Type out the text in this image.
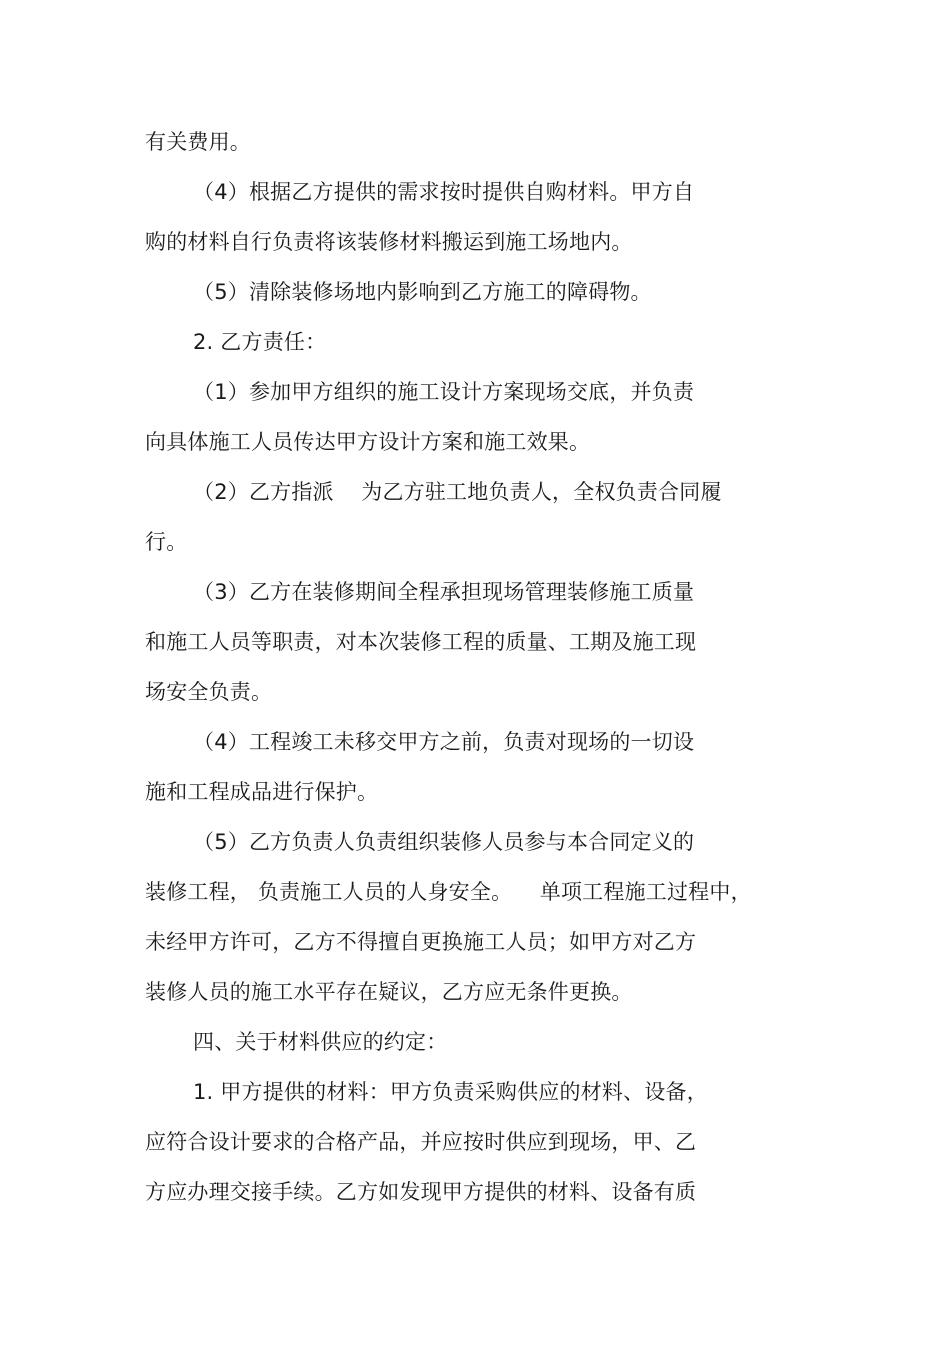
有关费用。
（4）根据乙方提供的需求按时提供自购材料。甲方自
购的材料自行负责将该装修材料搬运到施工场地内。
（5）清除装修场地内影响到乙方施工的障碍物。
2. 乙方责任：
（1）参加甲方组织的施工设计方案现场交底，并负责
向具体施工人员传达甲方设计方案和施工效果。
（2）乙方指派    为乙方驻工地负责人，全权负责合同履
行。
（3）乙方在装修期间全程承担现场管理装修施工质量
和施工人员等职责，对本次装修工程的质量、工期及施工现
场安全负责。
（4）工程竣工未移交甲方之前，负责对现场的一切设
施和工程成品进行保护。
（5）乙方负责人负责组织装修人员参与本合同定义的
装修工程， 负责施工人员的人身安全。    单项工程施工过程中，
未经甲方许可，乙方不得擅自更换施工人员；如甲方对乙方
装修人员的施工水平存在疑议，乙方应无条件更换。
四、关于材料供应的约定：
1. 甲方提供的材料：甲方负责采购供应的材料、设备，
应符合设计要求的合格产品，并应按时供应到现场，甲、乙
方应办理交接手续。乙方如发现甲方提供的材料、设备有质
